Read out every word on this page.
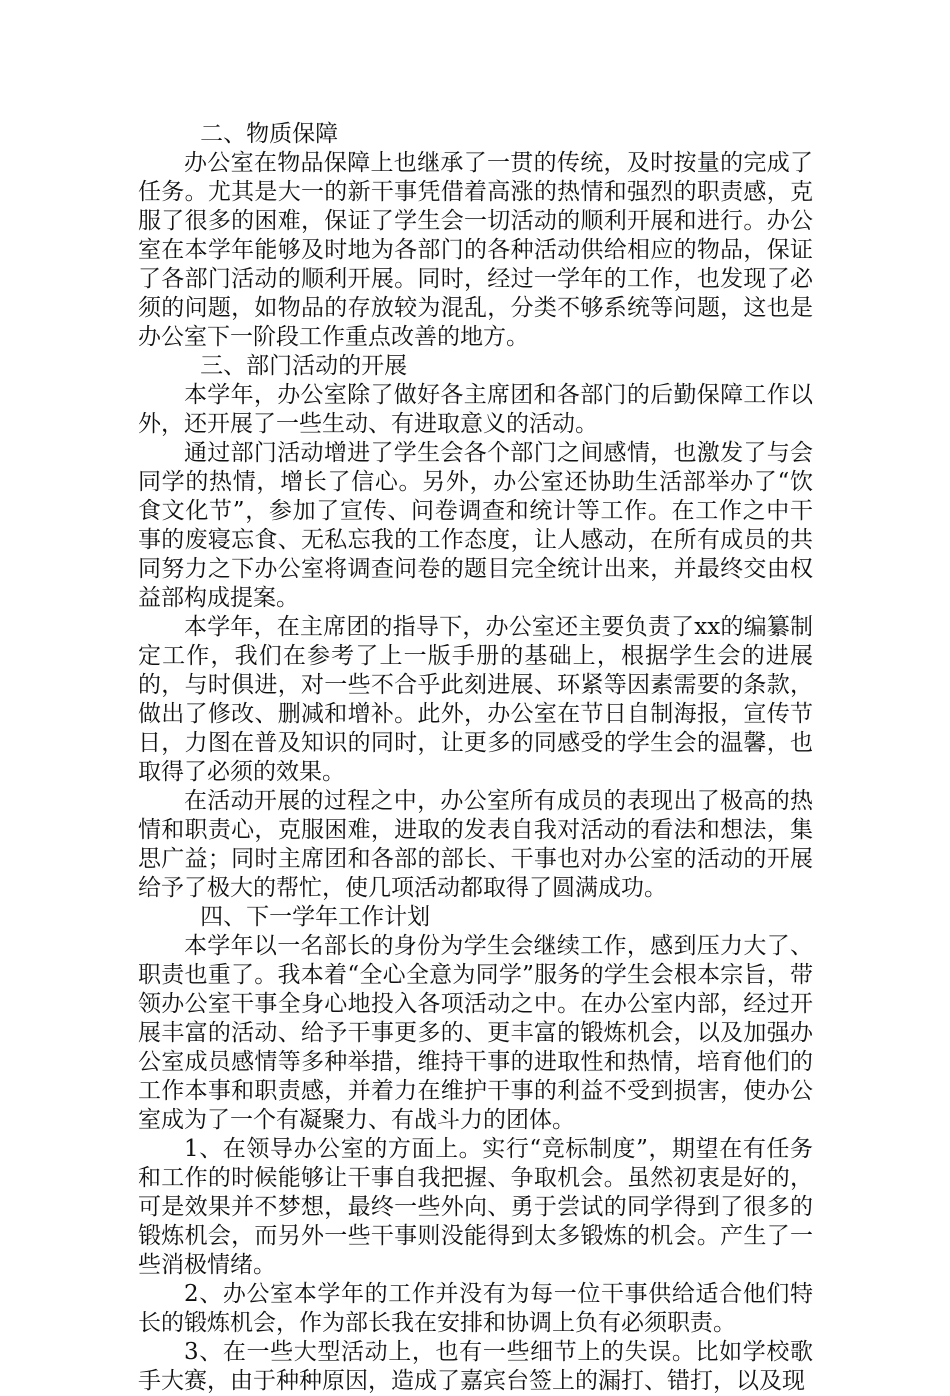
二、物质保障

办公室在物品保障上也继承了一贯的传统，及时按量的完成了任务。尤其是大一的新干事凭借着高涨的热情和强烈的职责感，克服了很多的困难，保证了学生会一切活动的顺利开展和进行。办公室在本学年能够及时地为各部门的各种活动供给相应的物品，保证了各部门活动的顺利开展。同时，经过一学年的工作，也发现了必须的问题，如物品的存放较为混乱，分类不够系统等问题，这也是办公室下一阶段工作重点改善的地方。

三、部门活动的开展

本学年，办公室除了做好各主席团和各部门的后勤保障工作以外，还开展了一些生动、有进取意义的活动。

通过部门活动增进了学生会各个部门之间感情，也激发了与会同学的热情，增长了信心。另外，办公室还协助生活部举办了“饮食文化节”，参加了宣传、问卷调查和统计等工作。在工作之中干事的废寝忘食、无私忘我的工作态度，让人感动，在所有成员的共同努力之下办公室将调查问卷的题目完全统计出来，并最终交由权益部构成提案。

本学年，在主席团的指导下，办公室还主要负责了xx的编纂制定工作，我们在参考了上一版手册的基础上，根据学生会的进展的，与时俱进，对一些不合乎此刻进展、环紧等因素需要的条款，做出了修改、删减和增补。此外，办公室在节日自制海报，宣传节日，力图在普及知识的同时，让更多的同感受的学生会的温馨，也取得了必须的效果。

在活动开展的过程之中，办公室所有成员的表现出了极高的热情和职责心，克服困难，进取的发表自我对活动的看法和想法，集思广益；同时主席团和各部的部长、干事也对办公室的活动的开展给予了极大的帮忙，使几项活动都取得了圆满成功。

四、下一学年工作计划

本学年以一名部长的身份为学生会继续工作，感到压力大了、职责也重了。我本着“全心全意为同学”服务的学生会根本宗旨，带领办公室干事全身心地投入各项活动之中。在办公室内部，经过开展丰富的活动、给予干事更多的、更丰富的锻炼机会，以及加强办公室成员感情等多种举措，维持干事的进取性和热情，培育他们的工作本事和职责感，并着力在维护干事的利益不受到损害，使办公室成为了一个有凝聚力、有战斗力的团体。

1、在领导办公室的方面上。实行“竞标制度”，期望在有任务和工作的时候能够让干事自我把握、争取机会。虽然初衷是好的，可是效果并不梦想，最终一些外向、勇于尝试的同学得到了很多的锻炼机会，而另外一些干事则没能得到太多锻炼的机会。产生了一些消极情绪。

2、办公室本学年的工作并没有为每一位干事供给适合他们特长的锻炼机会，作为部长我在安排和协调上负有必须职责。

3、在一些大型活动上，也有一些细节上的失误。比如学校歌手大赛，由于种种原因，造成了嘉宾台签上的漏打、错打，以及现
